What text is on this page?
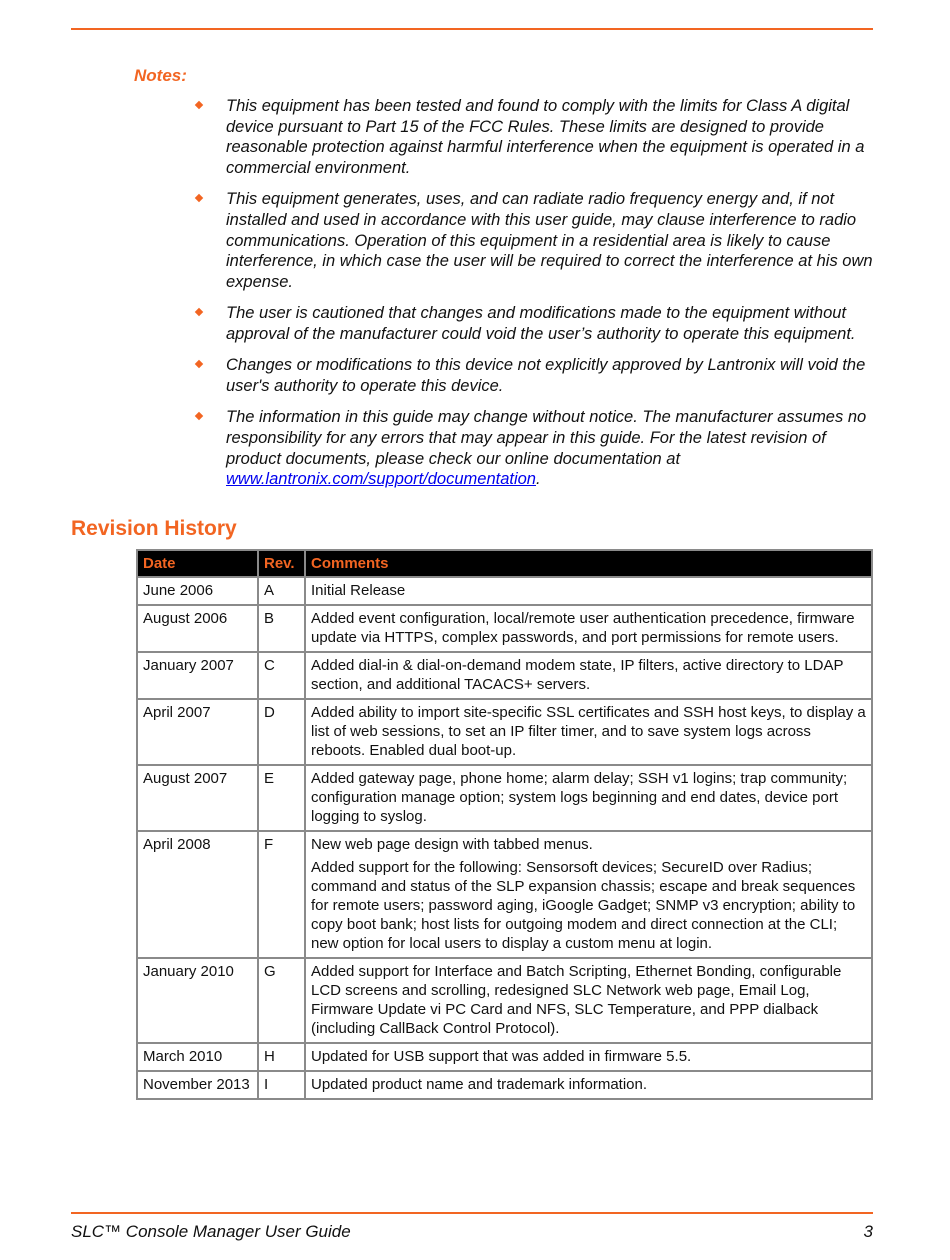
Notes:
This equipment has been tested and found to comply with the limits for Class A digital device pursuant to Part 15 of the FCC Rules. These limits are designed to provide reasonable protection against harmful interference when the equipment is operated in a commercial environment.
This equipment generates, uses, and can radiate radio frequency energy and, if not installed and used in accordance with this user guide, may clause interference to radio communications. Operation of this equipment in a residential area is likely to cause interference, in which case the user will be required to correct the interference at his own expense.
The user is cautioned that changes and modifications made to the equipment without approval of the manufacturer could void the user’s authority to operate this equipment.
Changes or modifications to this device not explicitly approved by Lantronix will void the user's authority to operate this device.
The information in this guide may change without notice. The manufacturer assumes no responsibility for any errors that may appear in this guide. For the latest revision of product documents, please check our online documentation at www.lantronix.com/support/documentation.
Revision History
Date	Rev.	Comments
June 2006	A	Initial Release

August 2006	B	Added event configuration, local/remote user authentication precedence, firmware update via HTTPS, complex passwords, and port permissions for remote users.

January 2007	C	Added dial-in & dial-on-demand modem state, IP filters, active directory to LDAP section, and additional TACACS+ servers.

April 2007	D	Added ability to import site-specific SSL certificates and SSH host keys, to display a list of web sessions, to set an IP filter timer, and to save system logs across reboots. Enabled dual boot-up.

August 2007	E	Added gateway page, phone home; alarm delay; SSH v1 logins; trap community; configuration manage option; system logs beginning and end dates, device port logging to syslog.

April 2008	F	New web page design with tabbed menus.

Added support for the following: Sensorsoft devices; SecureID over Radius; command and status of the SLP expansion chassis; escape and break sequences for remote users; password aging, iGoogle Gadget; SNMP v3 encryption; ability to copy boot bank; host lists for outgoing modem and direct connection at the CLI; new option for local users to display a custom menu at login.

January 2010	G	Added support for Interface and Batch Scripting, Ethernet Bonding, configurable LCD screens and scrolling, redesigned SLC Network web page, Email Log, Firmware Update vi PC Card and NFS, SLC Temperature, and PPP dialback (including CallBack Control Protocol).

March 2010	H	Updated for USB support that was added in firmware 5.5.

November 2013	I	Updated product name and trademark information.

SLC™ Console Manager User Guide	3
